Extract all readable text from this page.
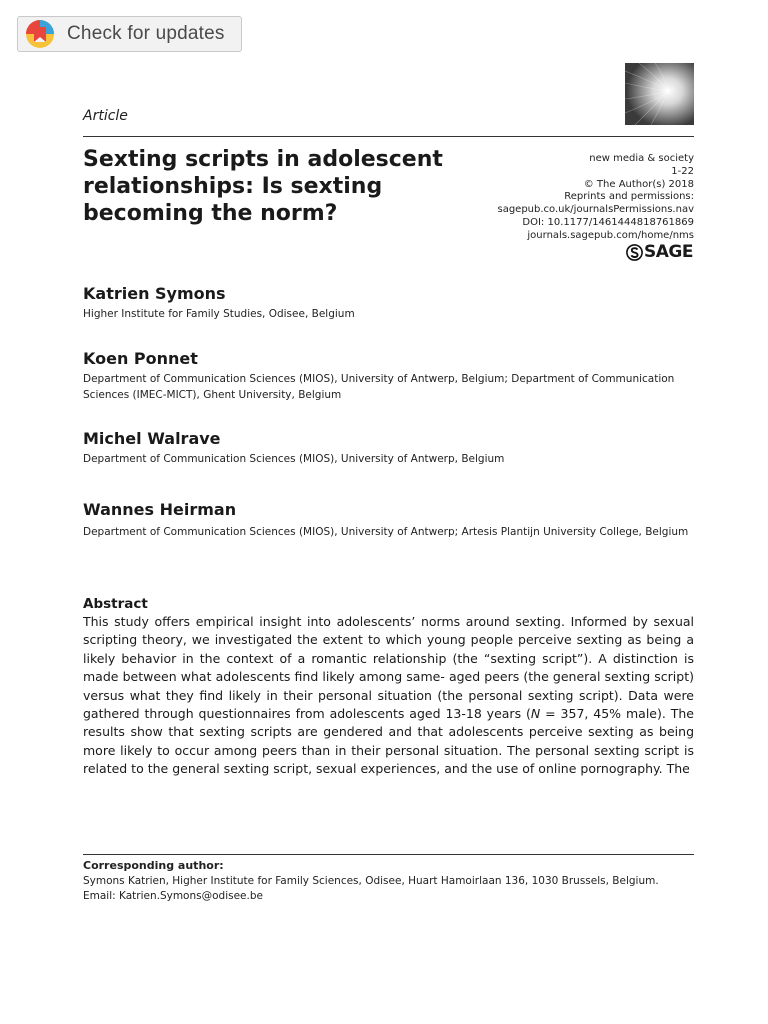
Check for updates
Article
Sexting scripts in adolescent relationships: Is sexting becoming the norm?
new media & society
1-22
© The Author(s) 2018
Reprints and permissions:
sagepub.co.uk/journalsPermissions.nav
DOI: 10.1177/1461444818761869
journals.sagepub.com/home/nms
SAGE
Katrien Symons
Higher Institute for Family Studies, Odisee, Belgium
Koen Ponnet
Department of Communication Sciences (MIOS), University of Antwerp, Belgium; Department of Communication Sciences (IMEC-MICT), Ghent University, Belgium
Michel Walrave
Department of Communication Sciences (MIOS), University of Antwerp, Belgium
Wannes Heirman
Department of Communication Sciences (MIOS), University of Antwerp; Artesis Plantijn University College, Belgium
Abstract

This study offers empirical insight into adolescents’ norms around sexting. Informed by sexual scripting theory, we investigated the extent to which young people perceive sexting as being a likely behavior in the context of a romantic relationship (the “sexting script”). A distinction is made between what adolescents find likely among same- aged peers (the general sexting script) versus what they find likely in their personal situation (the personal sexting script). Data were gathered through questionnaires from adolescents aged 13-18 years (N = 357, 45% male). The results show that sexting scripts are gendered and that adolescents perceive sexting as being more likely to occur among peers than in their personal situation. The personal sexting script is related to the general sexting script, sexual experiences, and the use of online pornography. The

Corresponding author:
Symons Katrien, Higher Institute for Family Sciences, Odisee, Huart Hamoirlaan 136, 1030 Brussels, Belgium.
Email: Katrien.Symons@odisee.be
